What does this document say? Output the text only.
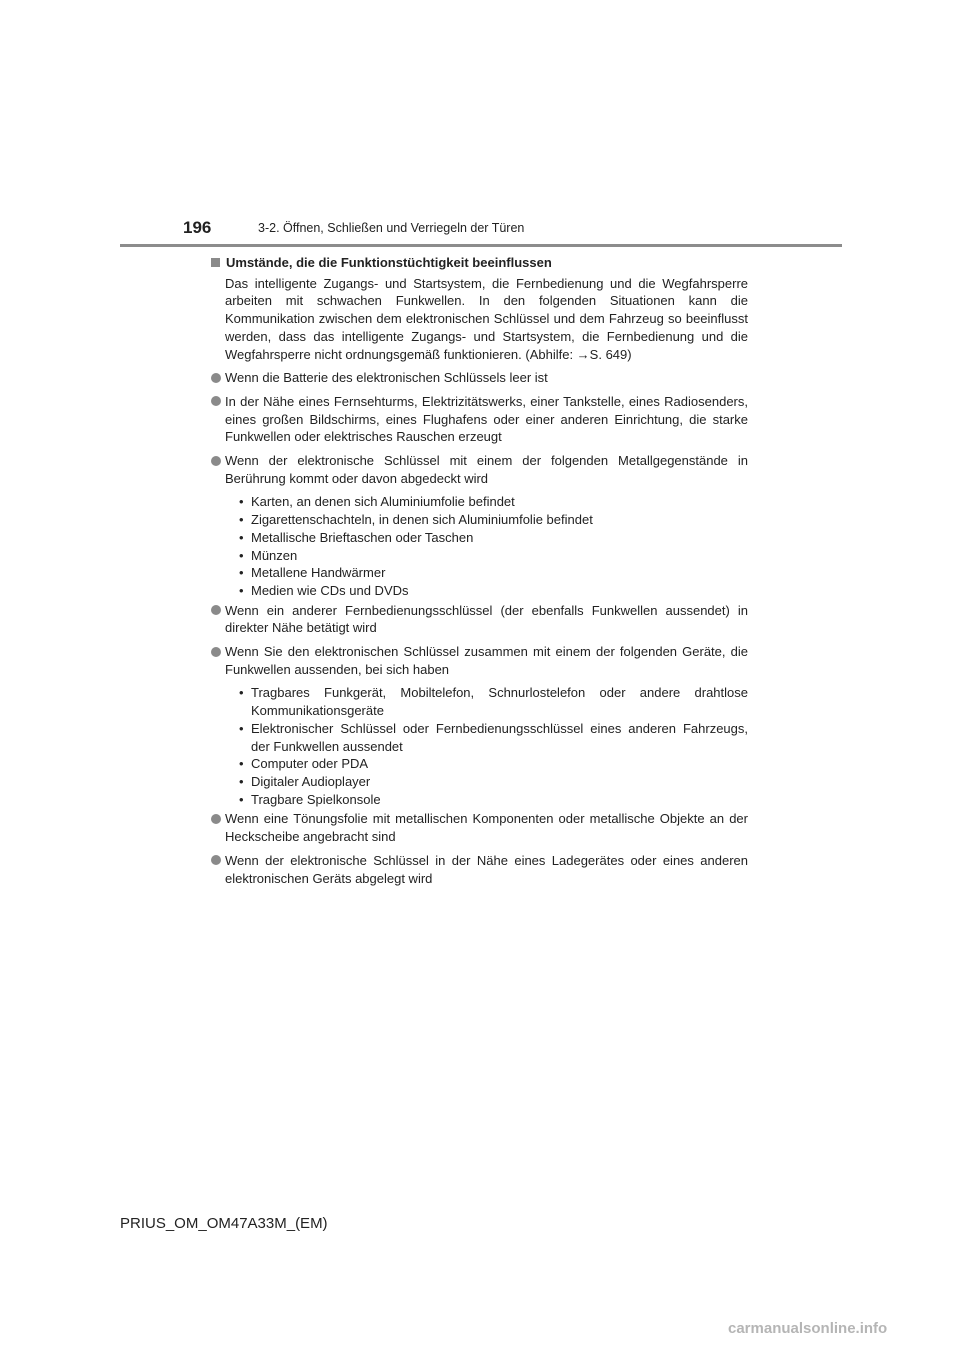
196	3-2. Öffnen, Schließen und Verriegeln der Türen
Umstände, die die Funktionstüchtigkeit beeinflussen
Das intelligente Zugangs- und Startsystem, die Fernbedienung und die Wegfahrsperre arbeiten mit schwachen Funkwellen. In den folgenden Situationen kann die Kommunikation zwischen dem elektronischen Schlüssel und dem Fahrzeug so beeinflusst werden, dass das intelligente Zugangs- und Startsystem, die Fernbedienung und die Wegfahrsperre nicht ordnungsgemäß funktionieren. (Abhilfe: →S. 649)
Wenn die Batterie des elektronischen Schlüssels leer ist
In der Nähe eines Fernsehturms, Elektrizitätswerks, einer Tankstelle, eines Radiosenders, eines großen Bildschirms, eines Flughafens oder einer anderen Einrichtung, die starke Funkwellen oder elektrisches Rauschen erzeugt
Wenn der elektronische Schlüssel mit einem der folgenden Metallgegenstände in Berührung kommt oder davon abgedeckt wird
• Karten, an denen sich Aluminiumfolie befindet
• Zigarettenschachteln, in denen sich Aluminiumfolie befindet
• Metallische Brieftaschen oder Taschen
• Münzen
• Metallene Handwärmer
• Medien wie CDs und DVDs
Wenn ein anderer Fernbedienungsschlüssel (der ebenfalls Funkwellen aussendet) in direkter Nähe betätigt wird
Wenn Sie den elektronischen Schlüssel zusammen mit einem der folgenden Geräte, die Funkwellen aussenden, bei sich haben
• Tragbares Funkgerät, Mobiltelefon, Schnurlostelefon oder andere drahtlose Kommunikationsgeräte
• Elektronischer Schlüssel oder Fernbedienungsschlüssel eines anderen Fahrzeugs, der Funkwellen aussendet
• Computer oder PDA
• Digitaler Audioplayer
• Tragbare Spielkonsole
Wenn eine Tönungsfolie mit metallischen Komponenten oder metallische Objekte an der Heckscheibe angebracht sind
Wenn der elektronische Schlüssel in der Nähe eines Ladegerätes oder eines anderen elektronischen Geräts abgelegt wird
PRIUS_OM_OM47A33M_(EM)
carmanualsonline.info
